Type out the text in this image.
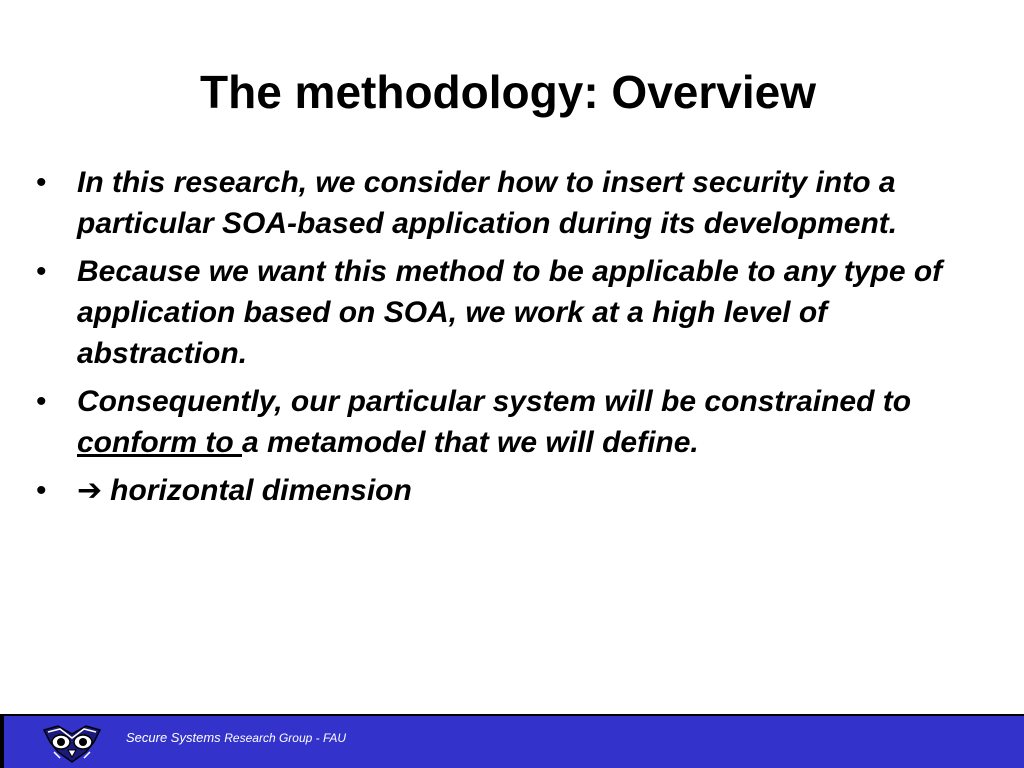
The methodology: Overview
•	In this research, we consider how to insert security into a particular SOA-based application during its development.
•	Because we want this method to be applicable to any type of application based on SOA, we work at a high level of abstraction.
•	Consequently, our particular system will be constrained to conform to a metamodel that we will define.
•	➔ horizontal dimension
Secure Systems Research Group - FAU
